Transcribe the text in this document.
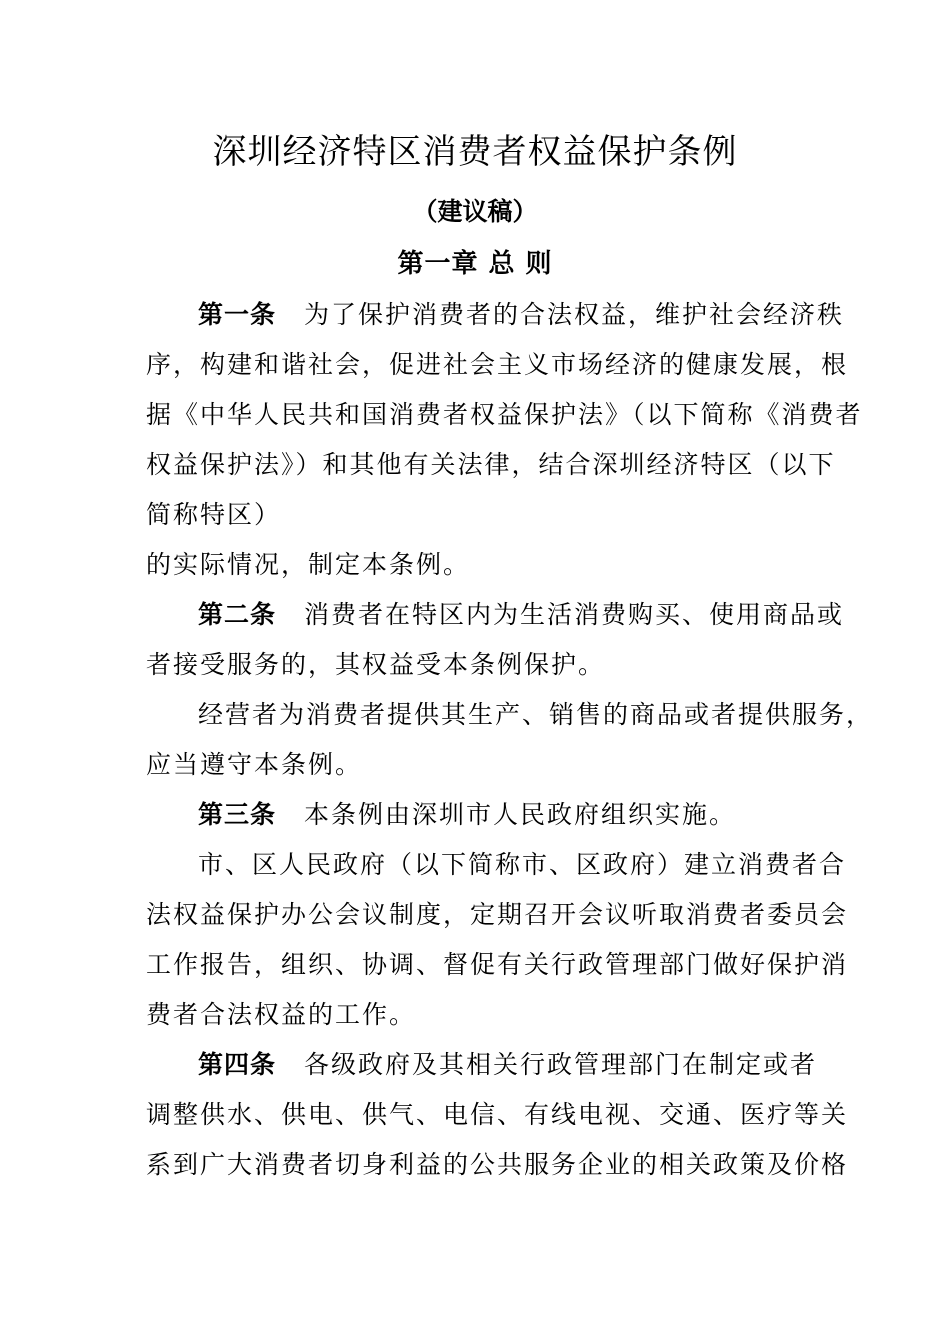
深圳经济特区消费者权益保护条例
（建议稿）
第一章 总 则
第一条 为了保护消费者的合法权益，维护社会经济秩
序，构建和谐社会，促进社会主义市场经济的健康发展，根
据《中华人民共和国消费者权益保护法》（以下简称《消费者
权益保护法》）和其他有关法律，结合深圳经济特区（以下
简称特区）
的实际情况，制定本条例。
第二条 消费者在特区内为生活消费购买、使用商品或
者接受服务的，其权益受本条例保护。
经营者为消费者提供其生产、销售的商品或者提供服务，
应当遵守本条例。
第三条 本条例由深圳市人民政府组织实施。
市、区人民政府（以下简称市、区政府）建立消费者合
法权益保护办公会议制度，定期召开会议听取消费者委员会
工作报告，组织、协调、督促有关行政管理部门做好保护消
费者合法权益的工作。
第四条 各级政府及其相关行政管理部门在制定或者
调整供水、供电、供气、电信、有线电视、交通、医疗等关
系到广大消费者切身利益的公共服务企业的相关政策及价格
